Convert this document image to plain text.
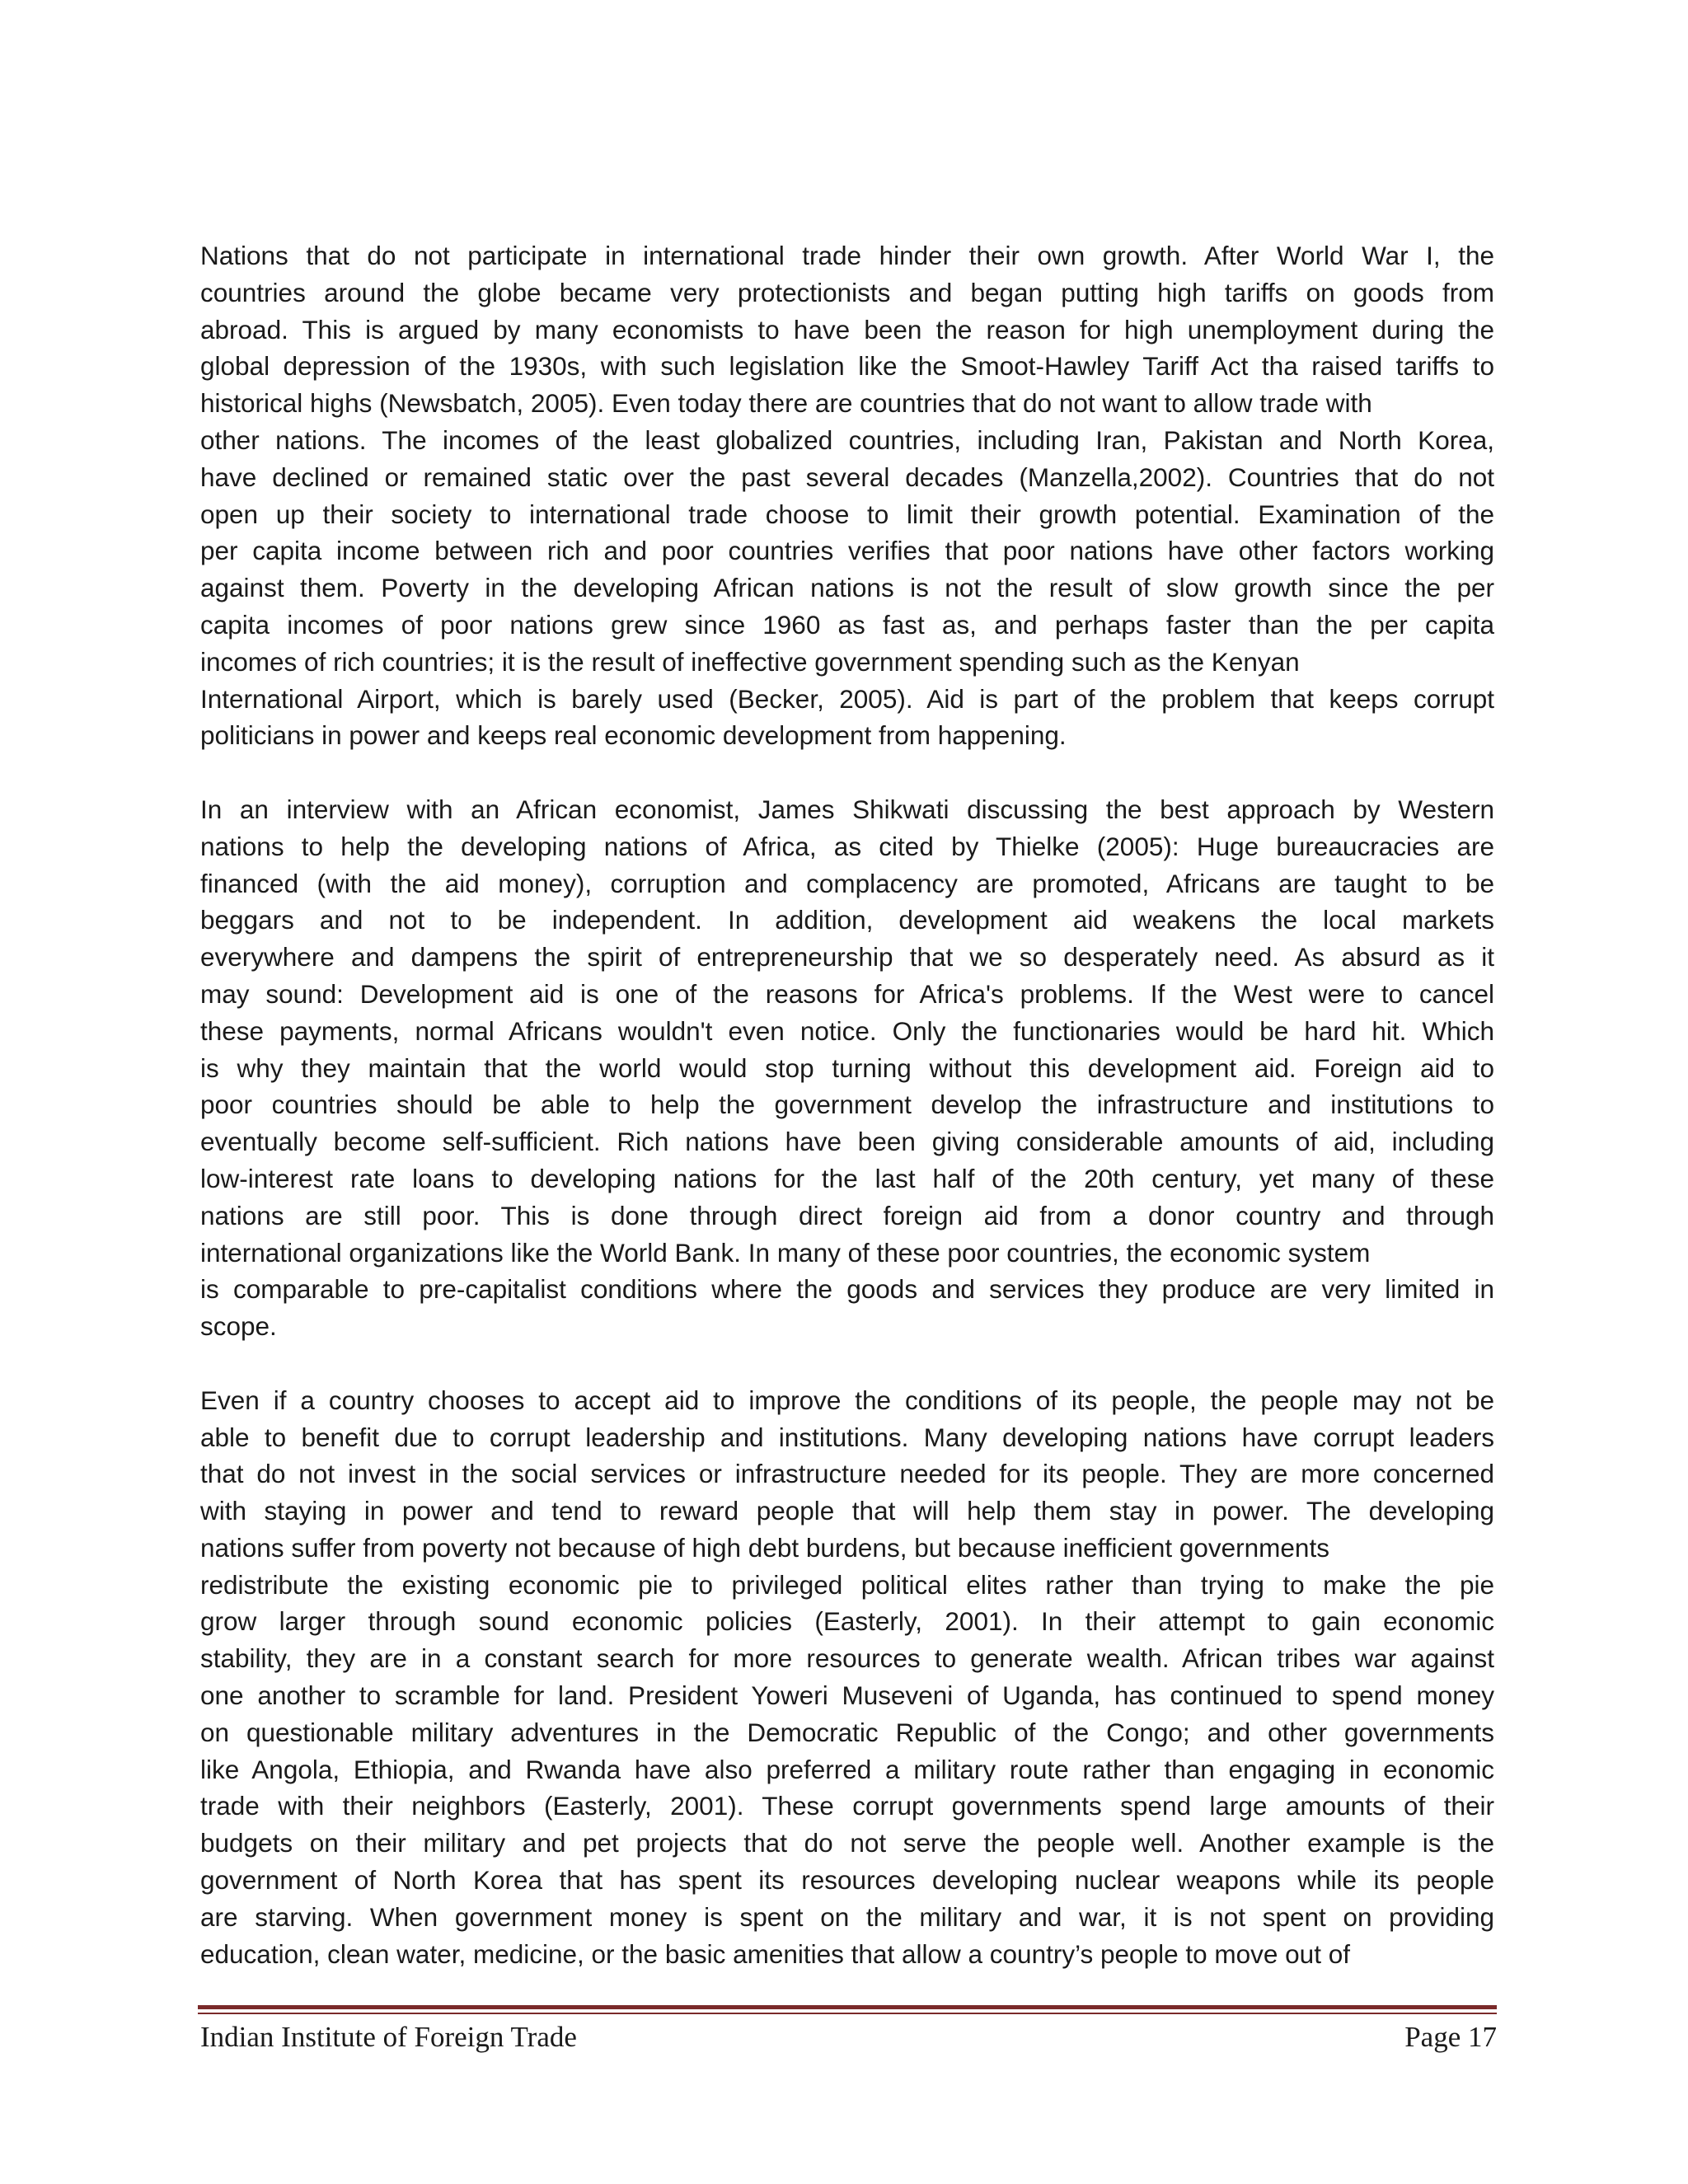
Nations that do not participate in international trade hinder their own growth. After World War I, the
countries around the globe became very protectionists and began putting high tariffs on goods from
abroad. This is argued by many economists to have been the reason for high unemployment during the
global depression of the 1930s, with such legislation like the Smoot-Hawley Tariff Act tha raised tariffs to
historical highs (Newsbatch, 2005). Even today there are countries that do not want to allow trade with
other nations. The incomes of the least globalized countries, including Iran, Pakistan and North Korea,
have declined or remained static over the past several decades (Manzella,2002). Countries that do not
open up their society to international trade choose to limit their growth potential. Examination of the
per capita income between rich and poor countries verifies that poor nations have other factors working
against them. Poverty in the developing African nations is not the result of slow growth since the per
capita incomes of poor nations grew since 1960 as fast as, and perhaps faster than the per capita
incomes of rich countries; it is the result of ineffective government spending such as the Kenyan
International Airport, which is barely used (Becker, 2005). Aid is part of the problem that keeps corrupt
politicians in power and keeps real economic development from happening.
In an interview with an African economist, James Shikwati discussing the best approach by Western
nations to help the developing nations of Africa, as cited by Thielke (2005): Huge bureaucracies are
financed (with the aid money), corruption and complacency are promoted, Africans are taught to be
beggars and not to be independent. In addition, development aid weakens the local markets
everywhere and dampens the spirit of entrepreneurship that we so desperately need. As absurd as it
may sound: Development aid is one of the reasons for Africa's problems. If the West were to cancel
these payments, normal Africans wouldn't even notice. Only the functionaries would be hard hit. Which
is why they maintain that the world would stop turning without this development aid. Foreign aid to
poor countries should be able to help the government develop the infrastructure and institutions to
eventually become self-sufficient. Rich nations have been giving considerable amounts of aid, including
low-interest rate loans to developing nations for the last half of the 20th century, yet many of these
nations are still poor. This is done through direct foreign aid from a donor country and through
international organizations like the World Bank. In many of these poor countries, the economic system
is comparable to pre-capitalist conditions where the goods and services they produce are very limited in
scope.
Even if a country chooses to accept aid to improve the conditions of its people, the people may not be
able to benefit due to corrupt leadership and institutions. Many developing nations have corrupt leaders
that do not invest in the social services or infrastructure needed for its people. They are more concerned
with staying in power and tend to reward people that will help them stay in power. The developing
nations suffer from poverty not because of high debt burdens, but because inefficient governments
redistribute the existing economic pie to privileged political elites rather than trying to make the pie
grow larger through sound economic policies (Easterly, 2001). In their attempt to gain economic
stability, they are in a constant search for more resources to generate wealth. African tribes war against
one another to scramble for land. President Yoweri Museveni of Uganda, has continued to spend money
on questionable military adventures in the Democratic Republic of the Congo; and other governments
like Angola, Ethiopia, and Rwanda have also preferred a military route rather than engaging in economic
trade with their neighbors (Easterly, 2001). These corrupt governments spend large amounts of their
budgets on their military and pet projects that do not serve the people well. Another example is the
government of North Korea that has spent its resources developing nuclear weapons while its people
are starving. When government money is spent on the military and war, it is not spent on providing
education, clean water, medicine, or the basic amenities that allow a country’s people to move out of
Indian Institute of Foreign Trade	Page 17
